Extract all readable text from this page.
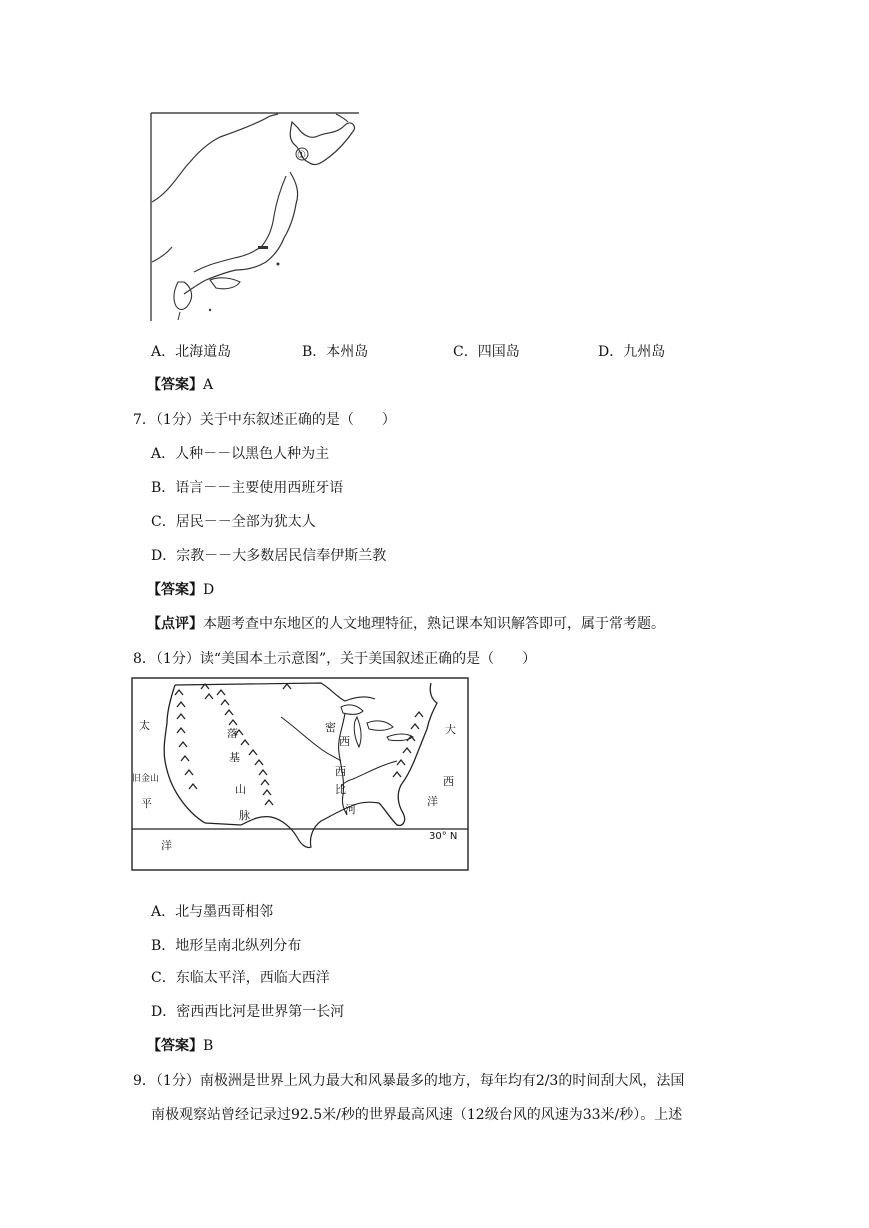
①
A．北海道岛	B．本州岛	C．四国岛	D．九州岛
【答案】A
7．（1分）关于中东叙述正确的是（　　）
A．人种－－以黑色人种为主
B．语言－－主要使用西班牙语
C．居民－－全部为犹太人
D．宗教－－大多数居民信奉伊斯兰教
【答案】D
【点评】本题考查中东地区的人文地理特征，熟记课本知识解答即可，属于常考题。
8．（1分）读“美国本土示意图”，关于美国叙述正确的是（　　）
太
旧金山
平
洋
落
基
山
脉
密
西
西
比
河
大
西
洋
30° N
A．北与墨西哥相邻
B．地形呈南北纵列分布
C．东临太平洋，西临大西洋
D．密西西比河是世界第一长河
【答案】B
9．（1分）南极洲是世界上风力最大和风暴最多的地方，每年均有2/3的时间刮大风，法国
南极观察站曾经记录过92.5米/秒的世界最高风速（12级台风的风速为33米/秒）。上述
